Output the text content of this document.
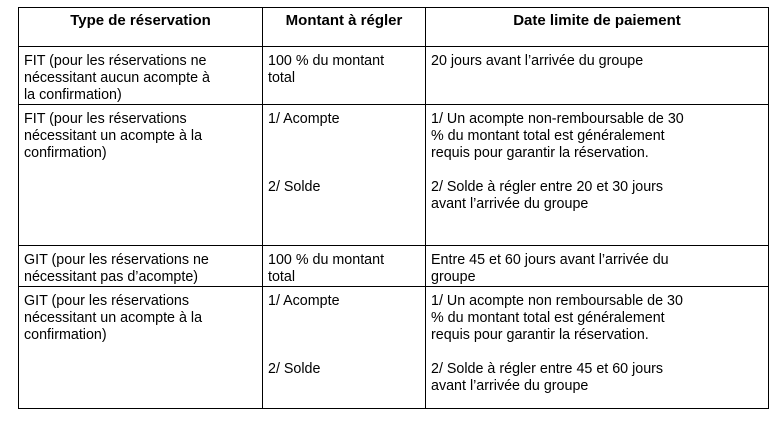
Type de réservation	Montant à régler	Date limite de paiement

FIT (pour les réservations ne
nécessitant aucun acompte à
la confirmation)	100 % du montant
total	20 jours avant l’arrivée du groupe

FIT (pour les réservations
nécessitant un acompte à la
confirmation)	1/ Acompte
2/ Solde	1/ Un acompte non-remboursable de 30
% du montant total est généralement
requis pour garantir la réservation.
2/ Solde à régler entre 20 et 30 jours
avant l’arrivée du groupe

GIT (pour les réservations ne
nécessitant pas d’acompte)	100 % du montant
total	Entre 45 et 60 jours avant l’arrivée du
groupe

GIT (pour les réservations
nécessitant un acompte à la
confirmation)	1/ Acompte
2/ Solde	1/ Un acompte non remboursable de 30
% du montant total est généralement
requis pour garantir la réservation.
2/ Solde à régler entre 45 et 60 jours
avant l’arrivée du groupe
